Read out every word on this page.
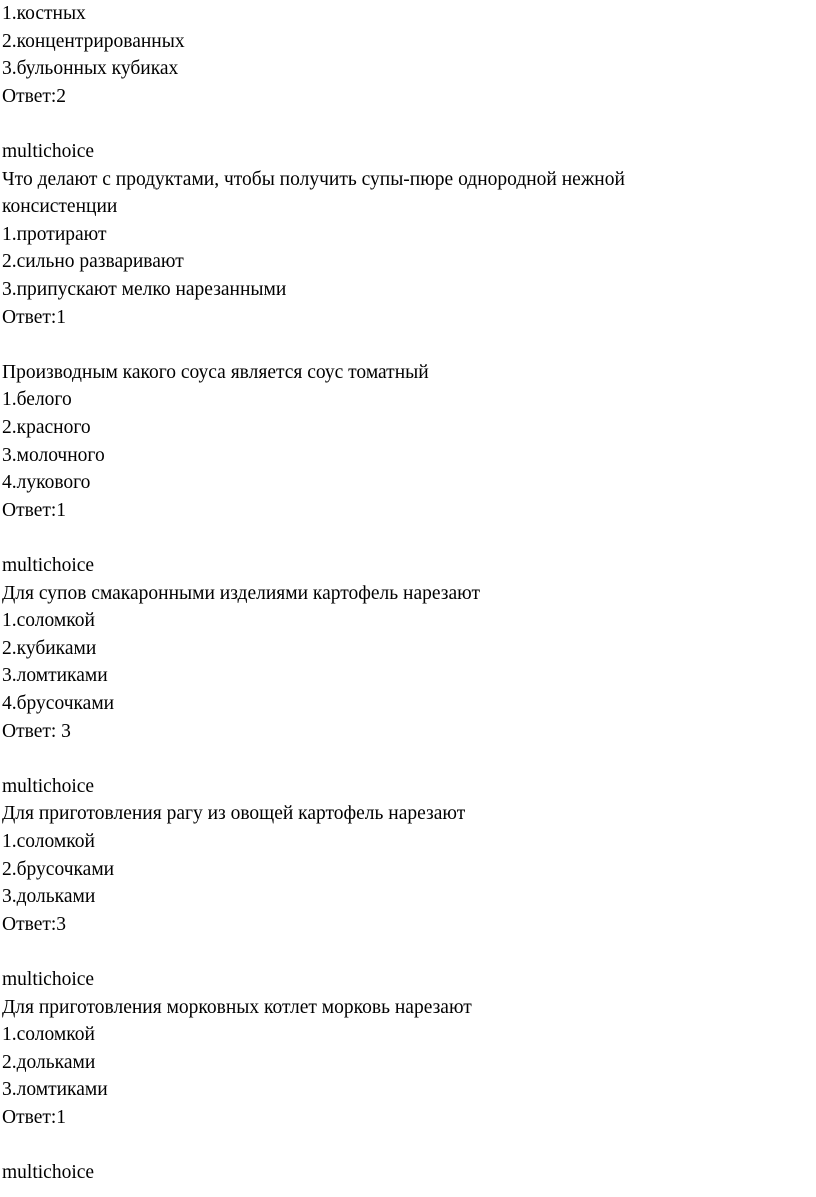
1.костных
2.концентрированных
3.бульонных кубиках
Ответ:2
multichoice
Что делают с продуктами, чтобы получить супы-пюре однородной нежной
консистенции
1.протирают
2.сильно разваривают
3.припускают мелко нарезанными
Ответ:1
Производным какого соуса является соус томатный
1.белого
2.красного
3.молочного
4.лукового
Ответ:1
multichoice
Для супов смакаронными изделиями картофель нарезают
1.соломкой
2.кубиками
3.ломтиками
4.брусочками
Ответ: 3
multichoice
Для приготовления рагу из овощей картофель нарезают
1.соломкой
2.брусочками
3.дольками
Ответ:3
multichoice
Для приготовления морковных котлет морковь нарезают
1.соломкой
2.дольками
3.ломтиками
Ответ:1
multichoice
